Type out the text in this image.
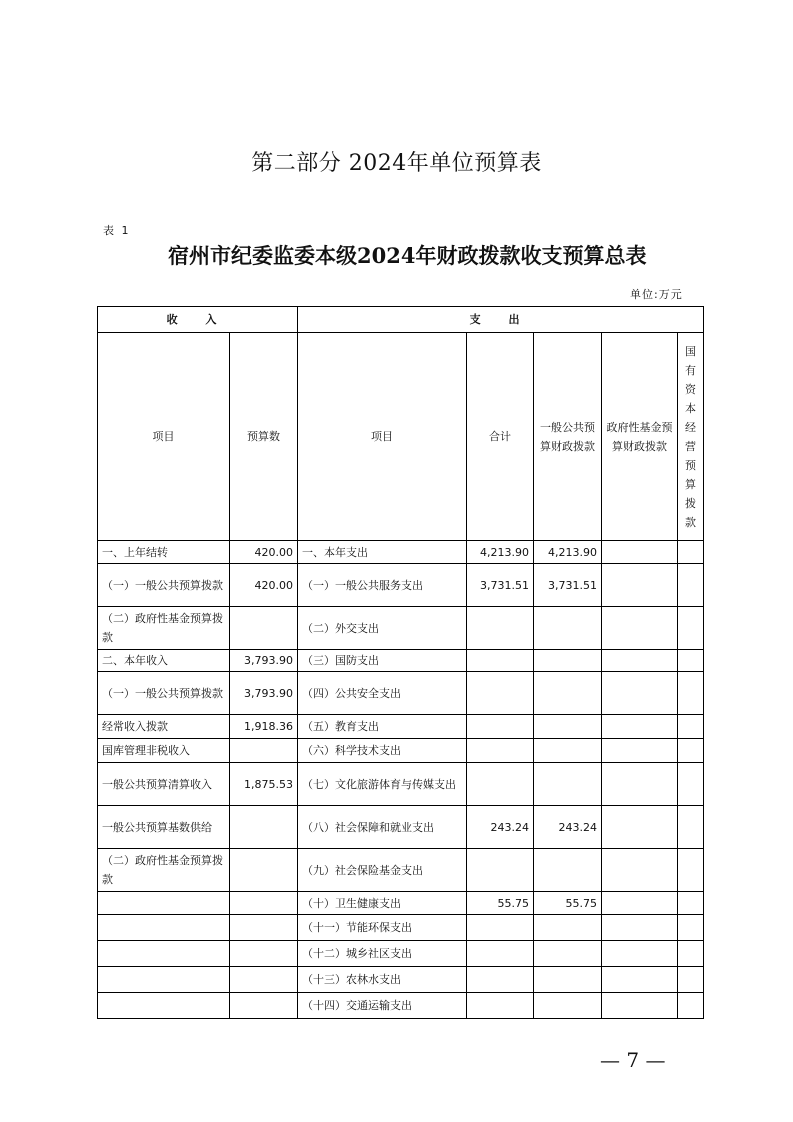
第二部分 2024年单位预算表
表 1
宿州市纪委监委本级2024年财政拨款收支预算总表
单位:万元
收 入		支 出				
项目	预算数	项目	合计	一般公共预算财政拨款	政府性基金预算财政拨款	国有资本经营预算拨款

一、上年结转	420.00	一、本年支出	4,213.90	4,213.90		
（一）一般公共预算拨款	420.00	（一）一般公共服务支出	3,731.51	3,731.51		
（二）政府性基金预算拨款		（二）外交支出				
二、本年收入	3,793.90	（三）国防支出				
（一）一般公共预算拨款	3,793.90	（四）公共安全支出				
经常收入拨款	1,918.36	（五）教育支出				
国库管理非税收入		（六）科学技术支出				
一般公共预算清算收入	1,875.53	（七）文化旅游体育与传媒支出				
一般公共预算基数供给		（八）社会保障和就业支出	243.24	243.24		
（二）政府性基金预算拨款		（九）社会保险基金支出				
		（十）卫生健康支出	55.75	55.75		
		（十一）节能环保支出				
		（十二）城乡社区支出				
		（十三）农林水支出				
		（十四）交通运输支出				
— 7 —
